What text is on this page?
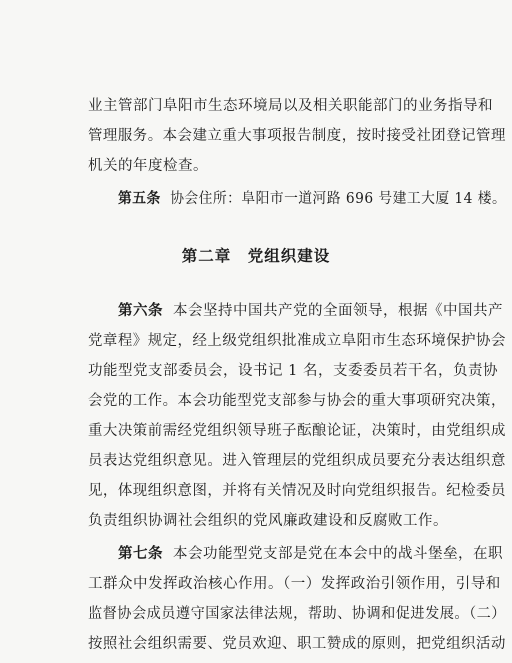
业主管部门阜阳市生态环境局以及相关职能部门的业务指导和
管理服务。本会建立重大事项报告制度，按时接受社团登记管理
机关的年度检查。
第五条 协会住所：阜阳市一道河路 696 号建工大厦 14 楼。
第二章　党组织建设
第六条 本会坚持中国共产党的全面领导，根据《中国共产
党章程》规定，经上级党组织批准成立阜阳市生态环境保护协会
功能型党支部委员会，设书记 1 名，支委委员若干名，负责协
会党的工作。本会功能型党支部参与协会的重大事项研究决策，
重大决策前需经党组织领导班子酝酿论证，决策时，由党组织成
员表达党组织意见。进入管理层的党组织成员要充分表达组织意
见，体现组织意图，并将有关情况及时向党组织报告。纪检委员
负责组织协调社会组织的党风廉政建设和反腐败工作。
第七条 本会功能型党支部是党在本会中的战斗堡垒，在职
工群众中发挥政治核心作用。（一）发挥政治引领作用，引导和
监督协会成员遵守国家法律法规，帮助、协调和促进发展。（二）
按照社会组织需要、党员欢迎、职工赞成的原则，把党组织活动
